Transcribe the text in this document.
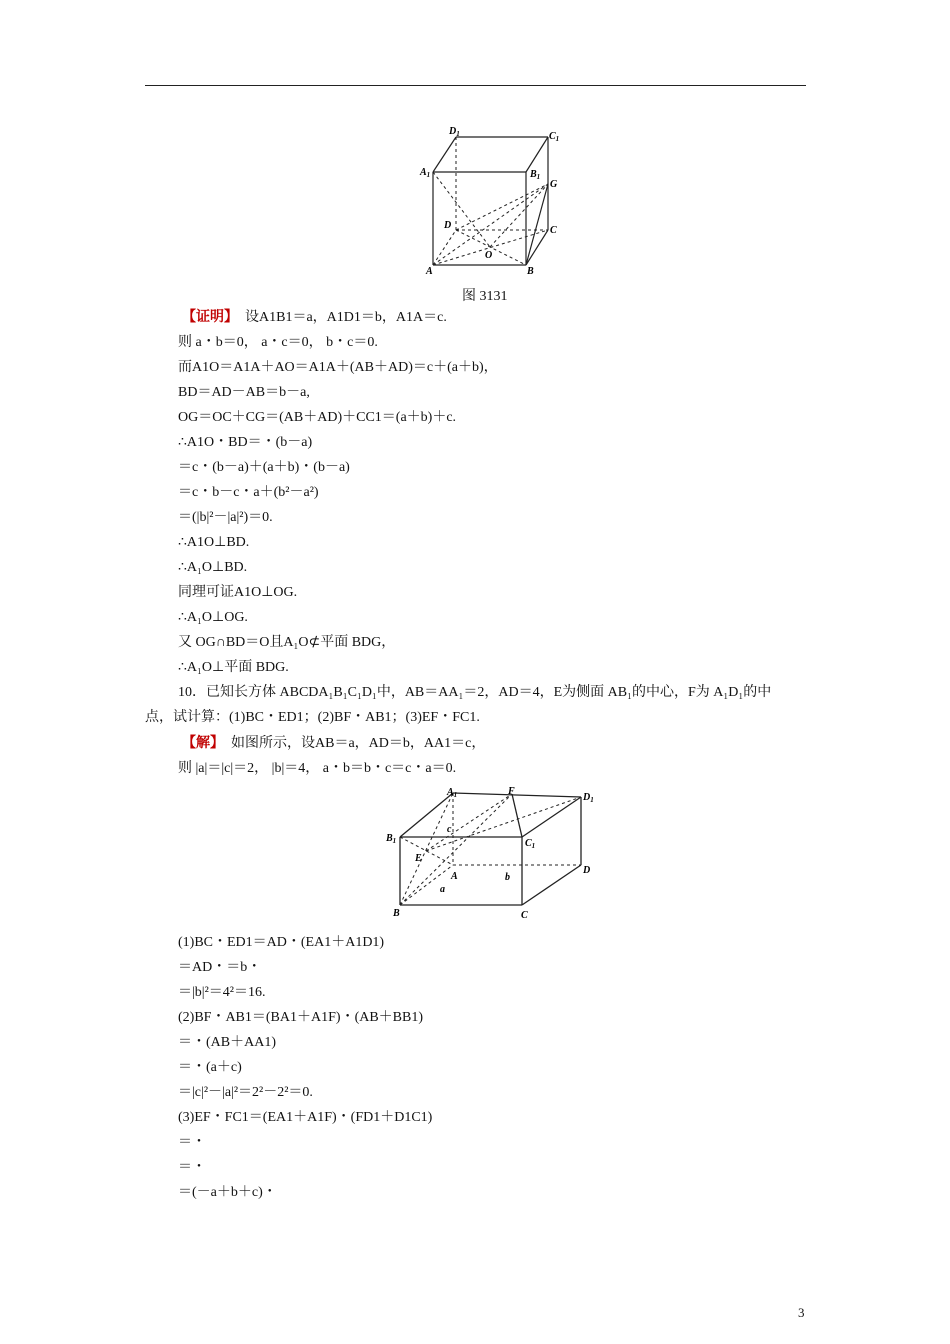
$D_1$	$C_1$
$A_1$	$B_1$
G
D	C
O
A	B
图 3131
【证明】　设A1B1＝a，A1D1＝b，A1A＝c.
则 a・b＝0， a・c＝0， b・c＝0.
而A1O＝A1A＋AO＝A1A＋(AB＋AD)＝c＋(a＋b)，
BD＝AD－AB＝b－a,
OG＝OC＋CG＝(AB＋AD)＋CC1＝(a＋b)＋c.
∴A1O・BD＝・(b－a)
＝c・(b－a)＋(a＋b)・(b－a)
＝c・b－c・a＋(b²－a²)
＝(|b|²－|a|²)＝0.
∴A1O⊥BD.
∴A₁O⊥BD.
同理可证A1O⊥OG.
∴A₁O⊥OG.
又 OG∩BD＝O且A₁O⊄平面 BDG，
∴A₁O⊥平面 BDG.
10．已知长方体 ABCDA₁B₁C₁D₁中，AB＝AA₁＝2，AD＝4，E为侧面 AB₁的中心，F为 A₁D₁的中
点，试计算：(1)BC・ED1；(2)BF・AB1；(3)EF・FC1.
【解】　如图所示，设AB＝a，AD＝b，AA1＝c，
则 |a|＝|c|＝2， |b|＝4， a・b＝b・c＝c・a＝0.
$A_1$	F
$D_1$
$B_1$	$C_1$
E
A
D
B	C
a
b
c
(1)BC・ED1＝AD・(EA1＋A1D1)
＝AD・＝b・
＝|b|²＝4²＝16.
(2)BF・AB1＝(BA1＋A1F)・(AB＋BB1)
＝・(AB＋AA1)
＝・(a＋c)
＝|c|²－|a|²＝2²－2²＝0.
(3)EF・FC1＝(EA1＋A1F)・(FD1＋D1C1)
＝・
＝・
＝(－a＋b＋c)・
3
